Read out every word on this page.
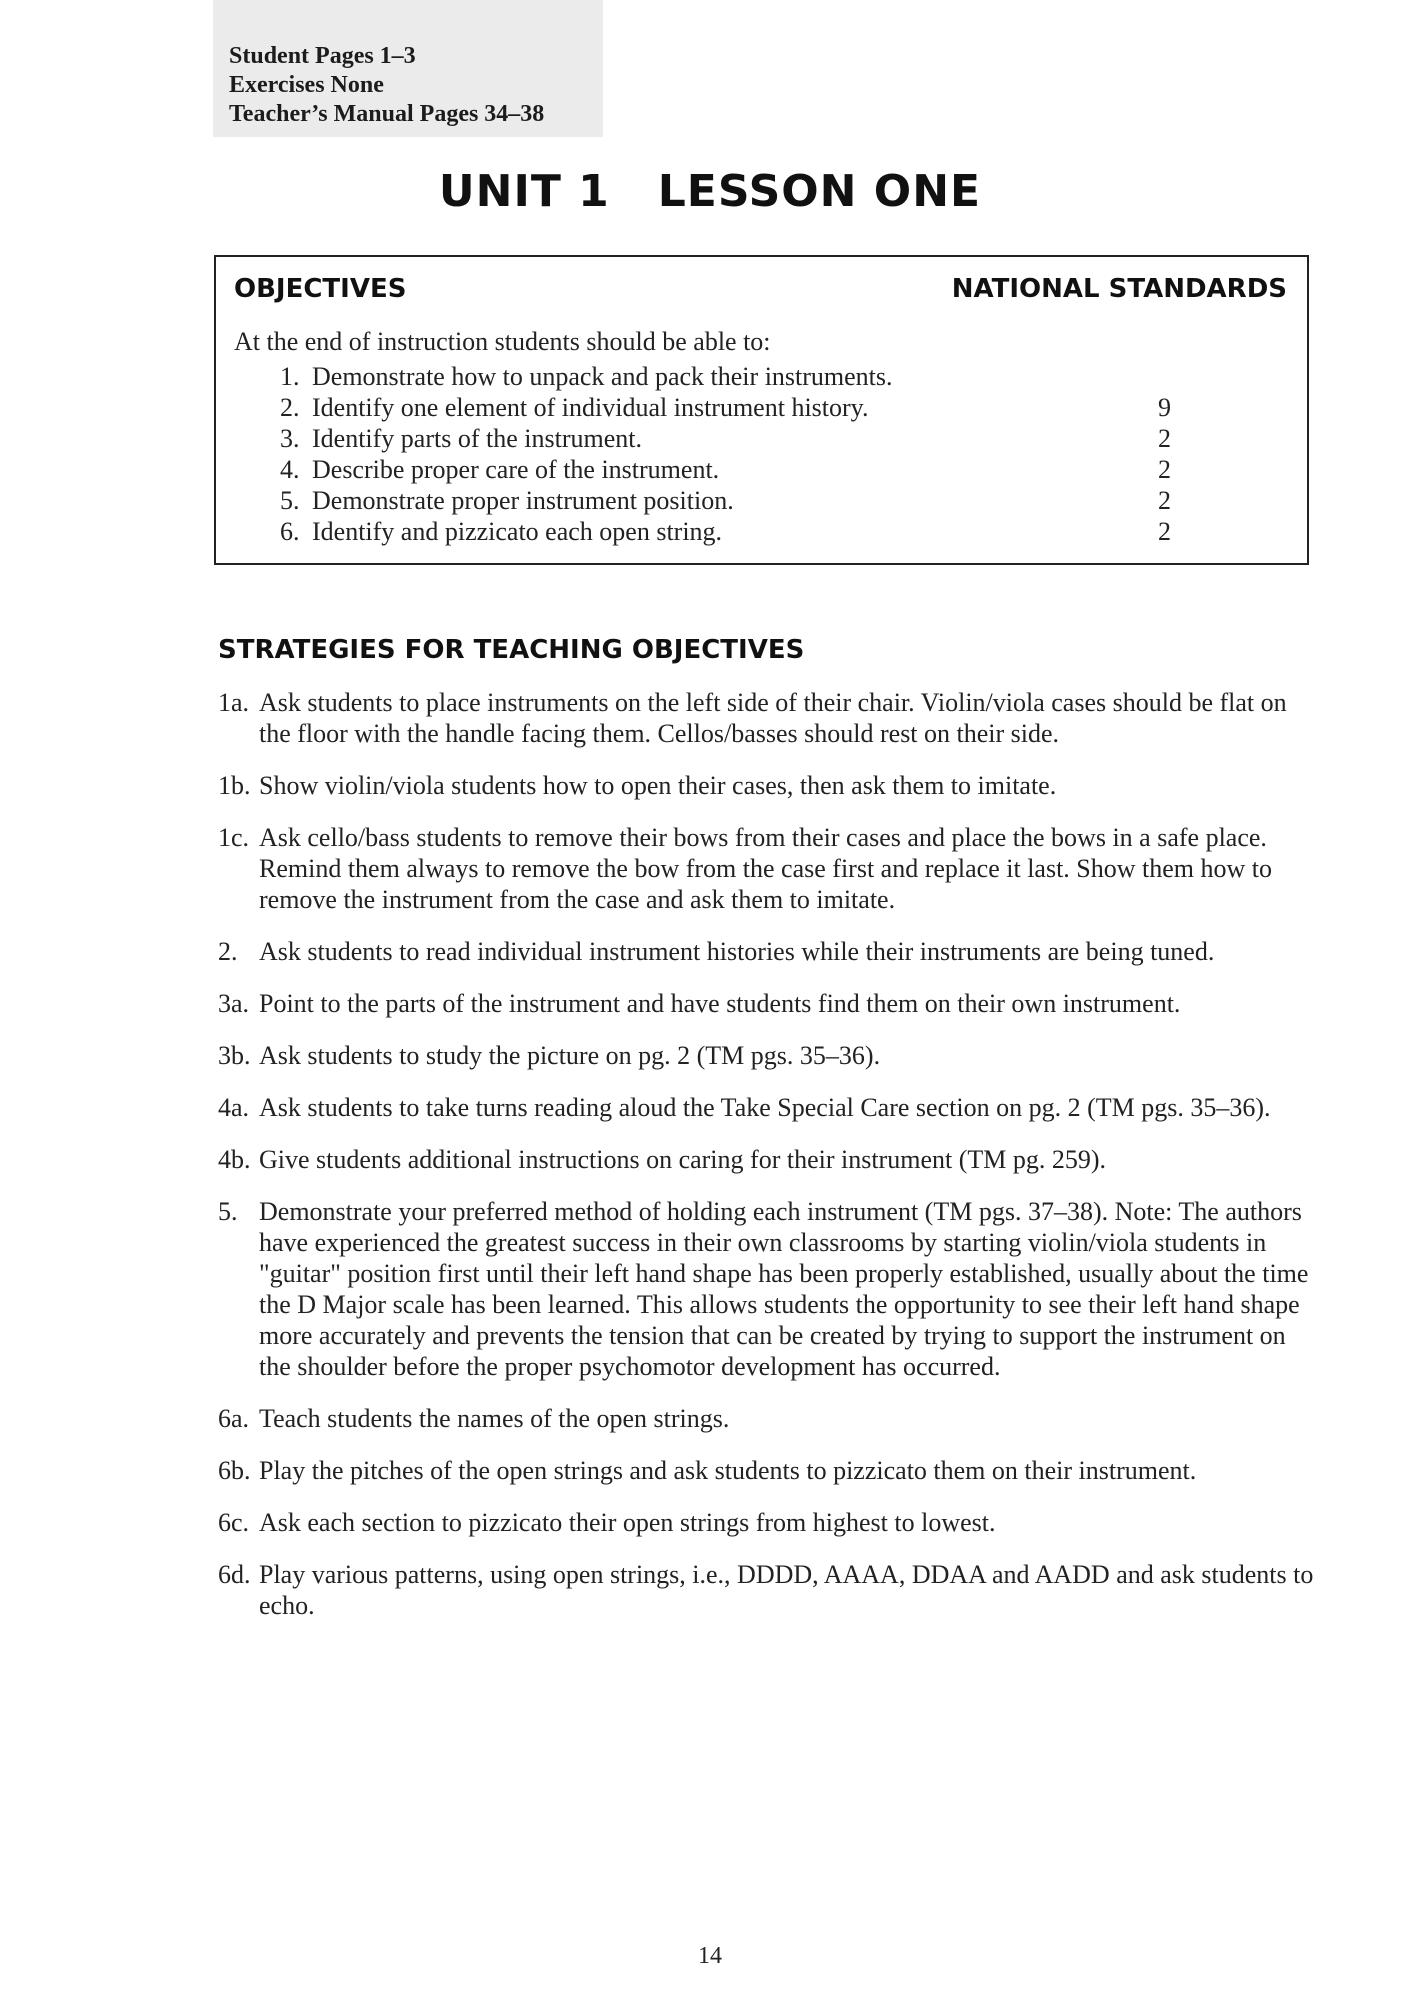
Student Pages 1–3
Exercises None
Teacher’s Manual Pages 34–38
UNIT 1 LESSON ONE
OBJECTIVES	NATIONAL STANDARDS
At the end of instruction students should be able to:
1. Demonstrate how to unpack and pack their instruments.
2. Identify one element of individual instrument history.	9
3. Identify parts of the instrument.	2
4. Describe proper care of the instrument.	2
5. Demonstrate proper instrument position.	2
6. Identify and pizzicato each open string.	2
STRATEGIES FOR TEACHING OBJECTIVES
1a. Ask students to place instruments on the left side of their chair. Violin/viola cases should be flat on the floor with the handle facing them. Cellos/basses should rest on their side.
1b. Show violin/viola students how to open their cases, then ask them to imitate.
1c. Ask cello/bass students to remove their bows from their cases and place the bows in a safe place. Remind them always to remove the bow from the case first and replace it last. Show them how to remove the instrument from the case and ask them to imitate.
2. Ask students to read individual instrument histories while their instruments are being tuned.
3a. Point to the parts of the instrument and have students find them on their own instrument.
3b. Ask students to study the picture on pg. 2 (TM pgs. 35–36).
4a. Ask students to take turns reading aloud the Take Special Care section on pg. 2 (TM pgs. 35–36).
4b. Give students additional instructions on caring for their instrument (TM pg. 259).
5. Demonstrate your preferred method of holding each instrument (TM pgs. 37–38). Note: The authors have experienced the greatest success in their own classrooms by starting violin/viola students in "guitar" position first until their left hand shape has been properly established, usually about the time the D Major scale has been learned. This allows students the opportunity to see their left hand shape more accurately and prevents the tension that can be created by trying to support the instrument on the shoulder before the proper psychomotor development has occurred.
6a. Teach students the names of the open strings.
6b. Play the pitches of the open strings and ask students to pizzicato them on their instrument.
6c. Ask each section to pizzicato their open strings from highest to lowest.
6d. Play various patterns, using open strings, i.e., DDDD, AAAA, DDAA and AADD and ask students to echo.
14
